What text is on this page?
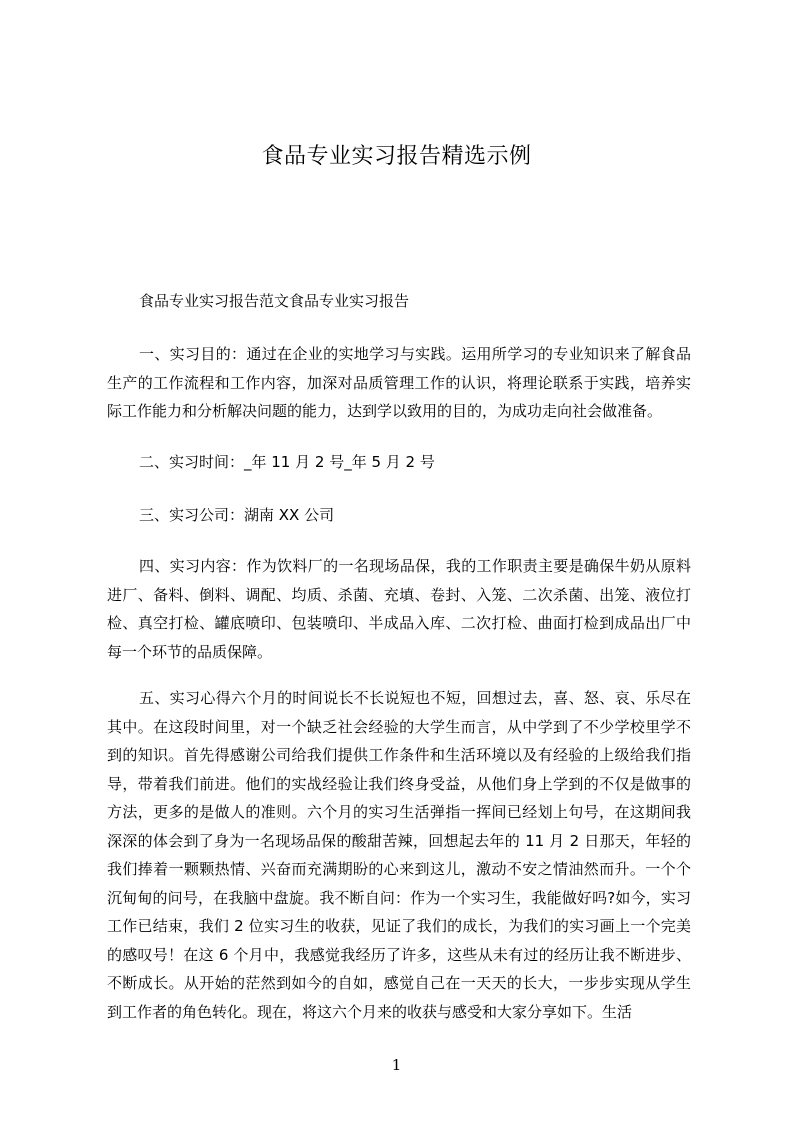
食品专业实习报告精选示例
食品专业实习报告范文食品专业实习报告

一、实习目的：通过在企业的实地学习与实践。运用所学习的专业知识来了解食品生产的工作流程和工作内容，加深对品质管理工作的认识，将理论联系于实践，培养实际工作能力和分析解决问题的能力，达到学以致用的目的，为成功走向社会做准备。

二、实习时间：_年 11 月 2 号_年 5 月 2 号

三、实习公司：湖南 XX 公司

四、实习内容：作为饮料厂的一名现场品保，我的工作职责主要是确保牛奶从原料进厂、备料、倒料、调配、均质、杀菌、充填、卷封、入笼、二次杀菌、出笼、液位打检、真空打检、罐底喷印、包装喷印、半成品入库、二次打检、曲面打检到成品出厂中每一个环节的品质保障。

五、实习心得六个月的时间说长不长说短也不短，回想过去，喜、怒、哀、乐尽在其中。在这段时间里，对一个缺乏社会经验的大学生而言，从中学到了不少学校里学不到的知识。首先得感谢公司给我们提供工作条件和生活环境以及有经验的上级给我们指导，带着我们前进。他们的实战经验让我们终身受益，从他们身上学到的不仅是做事的方法，更多的是做人的准则。六个月的实习生活弹指一挥间已经划上句号，在这期间我深深的体会到了身为一名现场品保的酸甜苦辣，回想起去年的 11 月 2 日那天，年轻的我们捧着一颗颗热情、兴奋而充满期盼的心来到这儿，激动不安之情油然而升。一个个沉甸甸的问号，在我脑中盘旋。我不断自问：作为一个实习生，我能做好吗?如今，实习工作已结束，我们 2 位实习生的收获，见证了我们的成长，为我们的实习画上一个完美的感叹号！在这 6 个月中，我感觉我经历了许多，这些从未有过的经历让我不断进步、不断成长。从开始的茫然到如今的自如，感觉自己在一天天的长大，一步步实现从学生到工作者的角色转化。现在，将这六个月来的收获与感受和大家分享如下。生活

1
